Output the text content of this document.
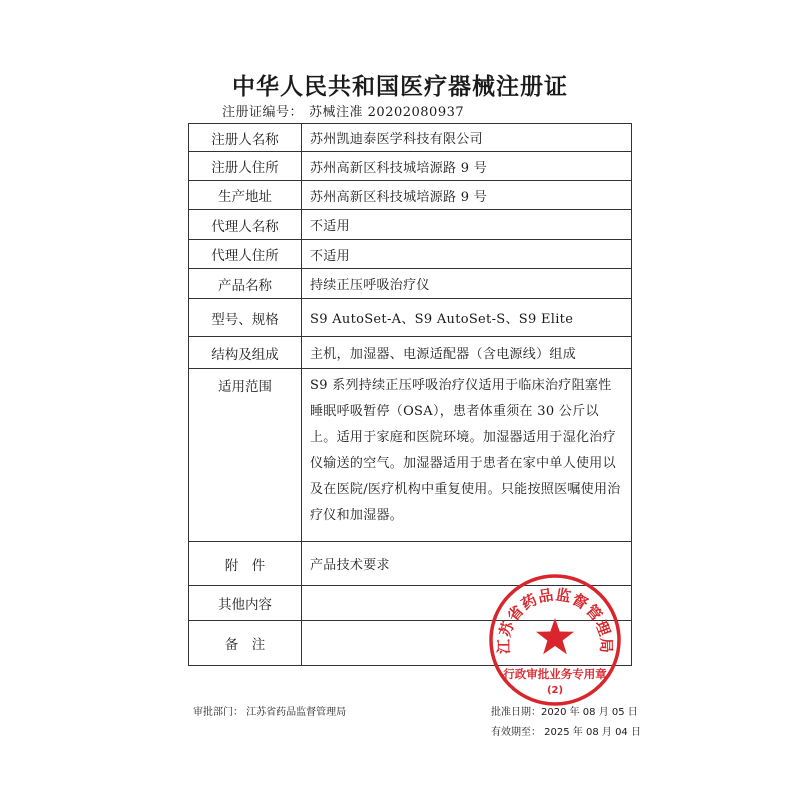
中华人民共和国医疗器械注册证
注册证编号： 苏械注准 20202080937
注册人名称	苏州凯迪泰医学科技有限公司
注册人住所	苏州高新区科技城培源路 9 号
生产地址	苏州高新区科技城培源路 9 号
代理人名称	不适用
代理人住所	不适用
产品名称	持续正压呼吸治疗仪
型号、规格	S9 AutoSet-A、S9 AutoSet-S、S9 Elite
结构及组成	主机，加湿器、电源适配器（含电源线）组成
适用范围	S9 系列持续正压呼吸治疗仪适用于临床治疗阻塞性睡眠呼吸暂停（OSA），患者体重须在 30 公斤以上。适用于家庭和医院环境。加湿器适用于湿化治疗仪输送的空气。加湿器适用于患者在家中单人使用以及在医院/医疗机构中重复使用。只能按照医嘱使用治疗仪和加湿器。
附　件	产品技术要求
其他内容	
备　注	
审批部门： 江苏省药品监督管理局	批准日期：2020 年 08 月 05 日
有效期至： 2025 年 08 月 04 日
江苏省药品监督管理局
行政审批业务专用章
(2)
